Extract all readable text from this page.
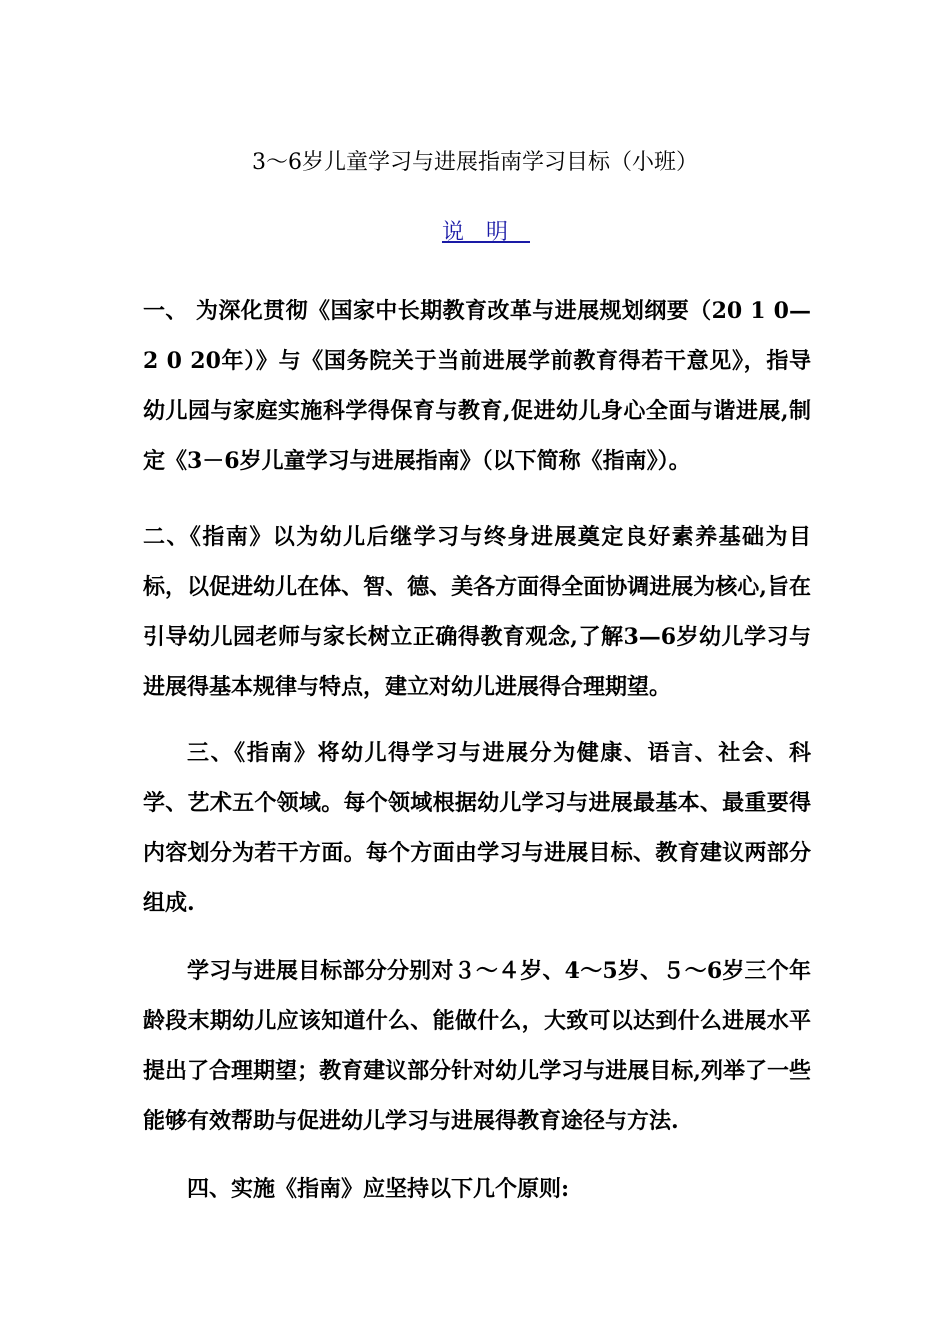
3～6岁儿童学习与进展指南学习目标（小班）
说明

一、 为深化贯彻《国家中长期教育改革与进展规划纲要（20 1 0—2 0 20年）》与《国务院关于当前进展学前教育得若干意见》，指导幼儿园与家庭实施科学得保育与教育,促进幼儿身心全面与谐进展,制定《3－6岁儿童学习与进展指南》（以下简称《指南》）。

二、《指南》以为幼儿后继学习与终身进展奠定良好素养基础为目标，以促进幼儿在体、智、德、美各方面得全面协调进展为核心,旨在引导幼儿园老师与家长树立正确得教育观念,了解3—6岁幼儿学习与进展得基本规律与特点，建立对幼儿进展得合理期望。

三、《指南》将幼儿得学习与进展分为健康、语言、社会、科学、艺术五个领域。每个领域根据幼儿学习与进展最基本、最重要得内容划分为若干方面。每个方面由学习与进展目标、教育建议两部分组成.

学习与进展目标部分分别对３～４岁、4～5岁、５～6岁三个年龄段末期幼儿应该知道什么、能做什么，大致可以达到什么进展水平提出了合理期望；教育建议部分针对幼儿学习与进展目标,列举了一些能够有效帮助与促进幼儿学习与进展得教育途径与方法.

四、实施《指南》应坚持以下几个原则:
